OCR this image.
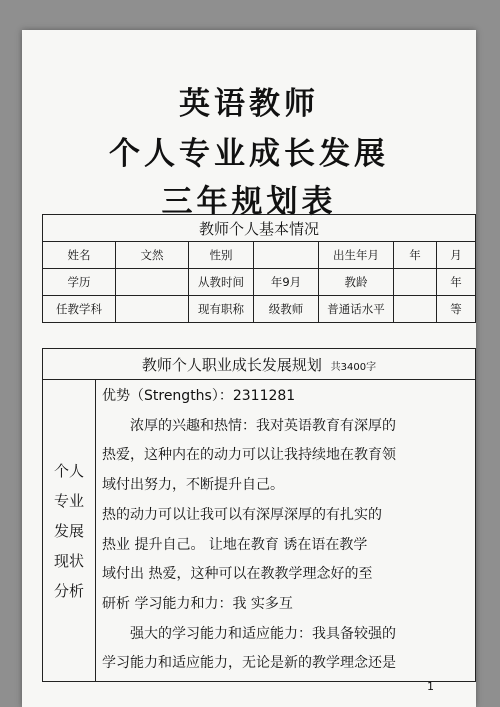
英语教师
个人专业成长发展
三年规划表
教师个人基本情况						
姓名	文然	性别		出生年月	年	月
学历		从教时间	年9月	教龄		年
任教学科		现有职称	级教师	普通话水平		等
教师个人职业成长发展规划 共3400字

个人
专业
发展
现状
分析

优势（Strengths）：2311281
浓厚的兴趣和热情：我对英语教育有深厚的
热爱，这种内在的动力可以让我持续地在教育领
域付出努力，不断提升自己。
热的动力可以让我可以有深厚深厚的有扎实的
热业 提升自己。 让地在教育 诱在语在教学
域付出 热爱，这种可以在教教学理念好的至
研析 学习能力和力：我 实多互
强大的学习能力和适应能力：我具备较强的
学习能力和适应能力，无论是新的教学理念还是
1
